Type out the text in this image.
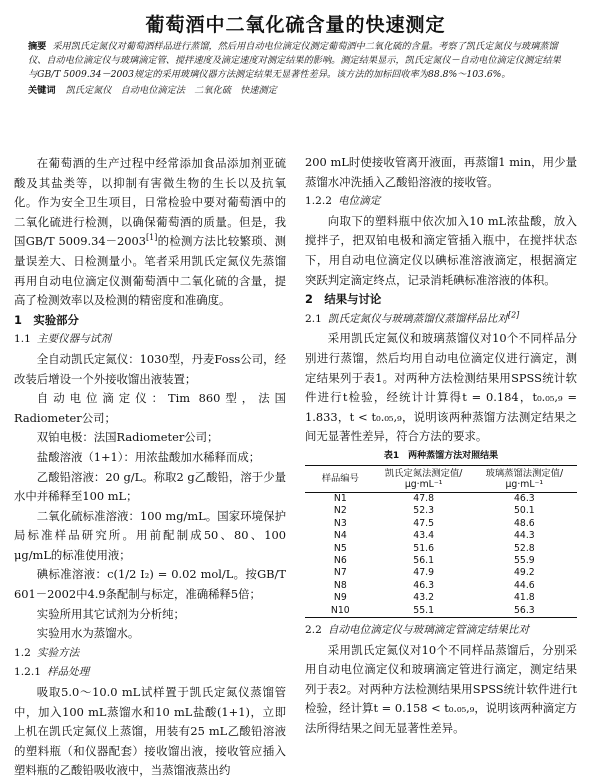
葡萄酒中二氧化硫含量的快速测定
摘要 采用凯氏定氮仪对葡萄酒样品进行蒸馏，然后用自动电位滴定仪测定葡萄酒中二氧化硫的含量。考察了凯氏定氮仪与玻璃蒸馏仪、自动电位滴定仪与玻璃滴定管、搅拌速度及滴定速度对测定结果的影响。测定结果显示，凯氏定氮仪－自动电位滴定仪测定结果与GB/T 5009.34－2003规定的采用玻璃仪器方法测定结果无显著性差异。该方法的加标回收率为88.8%～103.6%。
关键词 凯氏定氮仪　自动电位滴定法　二氧化硫　快速测定

在葡萄酒的生产过程中经常添加食品添加剂亚硫酸及其盐类等，以抑制有害微生物的生长以及抗氧化。作为安全卫生项目，日常检验中要对葡萄酒中的二氧化硫进行检测，以确保葡萄酒的质量。但是，我国GB/T 5009.34－2003[1]的检测方法比较繁琐、测量误差大、日检测量小。笔者采用凯氏定氮仪先蒸馏再用自动电位滴定仪测葡萄酒中二氧化硫的含量，提高了检测效率以及检测的精密度和准确度。

1　实验部分
1.1 主要仪器与试剂

全自动凯氏定氮仪：1030型，丹麦Foss公司，经改装后增设一个外接收馏出液装置；

自动电位滴定仪：Tim 860型，法国Radiometer公司；

双铂电极：法国Radiometer公司；

盐酸溶液（1+1）：用浓盐酸加水稀释而成；

乙酸铅溶液：20 g/L。称取2 g乙酸铅，溶于少量水中并稀释至100 mL；

二氧化硫标准溶液：100 mg/mL。国家环境保护局标准样品研究所。用前配制成50、80、100 μg/mL的标准使用液；

碘标准溶液：c(1/2 I₂) = 0.02 mol/L。按GB/T 601－2002中4.9条配制与标定，准确稀释5倍；

实验所用其它试剂为分析纯；

实验用水为蒸馏水。

1.2 实验方法
1.2.1 样品处理

吸取5.0～10.0 mL试样置于凯氏定氮仪蒸馏管中，加入100 mL蒸馏水和10 mL盐酸(1+1)，立即上机在凯氏定氮仪上蒸馏，用装有25 mL乙酸铅溶液的塑料瓶（和仪器配套）接收馏出液，接收管应插入塑料瓶的乙酸铅吸收液中，当蒸馏液蒸出约

200 mL时使接收管离开液面，再蒸馏1 min，用少量蒸馏水冲洗插入乙酸铅溶液的接收管。

1.2.2 电位滴定

向取下的塑料瓶中依次加入10 mL浓盐酸，放入搅拌子，把双铂电极和滴定管插入瓶中，在搅拌状态下，用自动电位滴定仪以碘标准溶液滴定，根据滴定突跃判定滴定终点，记录消耗碘标准溶液的体积。

2　结果与讨论
2.1 凯氏定氮仪与玻璃蒸馏仪蒸馏样品比对[2]

采用凯氏定氮仪和玻璃蒸馏仪对10个不同样品分别进行蒸馏，然后均用自动电位滴定仪进行滴定，测定结果列于表1。对两种方法检测结果用SPSS统计软件进行t检验，经统计计算得t = 0.184，t₀.₀₅,₉ = 1.833，t < t₀.₀₅,₉，说明该两种蒸馏方法测定结果之间无显著性差异，符合方法的要求。

表1　两种蒸馏方法对照结果
样品编号	凯氏定氮法测定值/μg·mL⁻¹	玻璃蒸馏法测定值/μg·mL⁻¹
N1	47.8	46.3
N2	52.3	50.1
N3	47.5	48.6
N4	43.4	44.3
N5	51.6	52.8
N6	56.1	55.9
N7	47.9	49.2
N8	46.3	44.6
N9	43.2	41.8
N10	55.1	56.3
2.2 自动电位滴定仪与玻璃滴定管滴定结果比对

采用凯氏定氮仪对10个不同样品蒸馏后，分别采用自动电位滴定仪和玻璃滴定管进行滴定，测定结果列于表2。对两种方法检测结果用SPSS统计软件进行t检验，经计算t = 0.158 < t₀.₀₅,₉，说明该两种滴定方法所得结果之间无显著性差异。
